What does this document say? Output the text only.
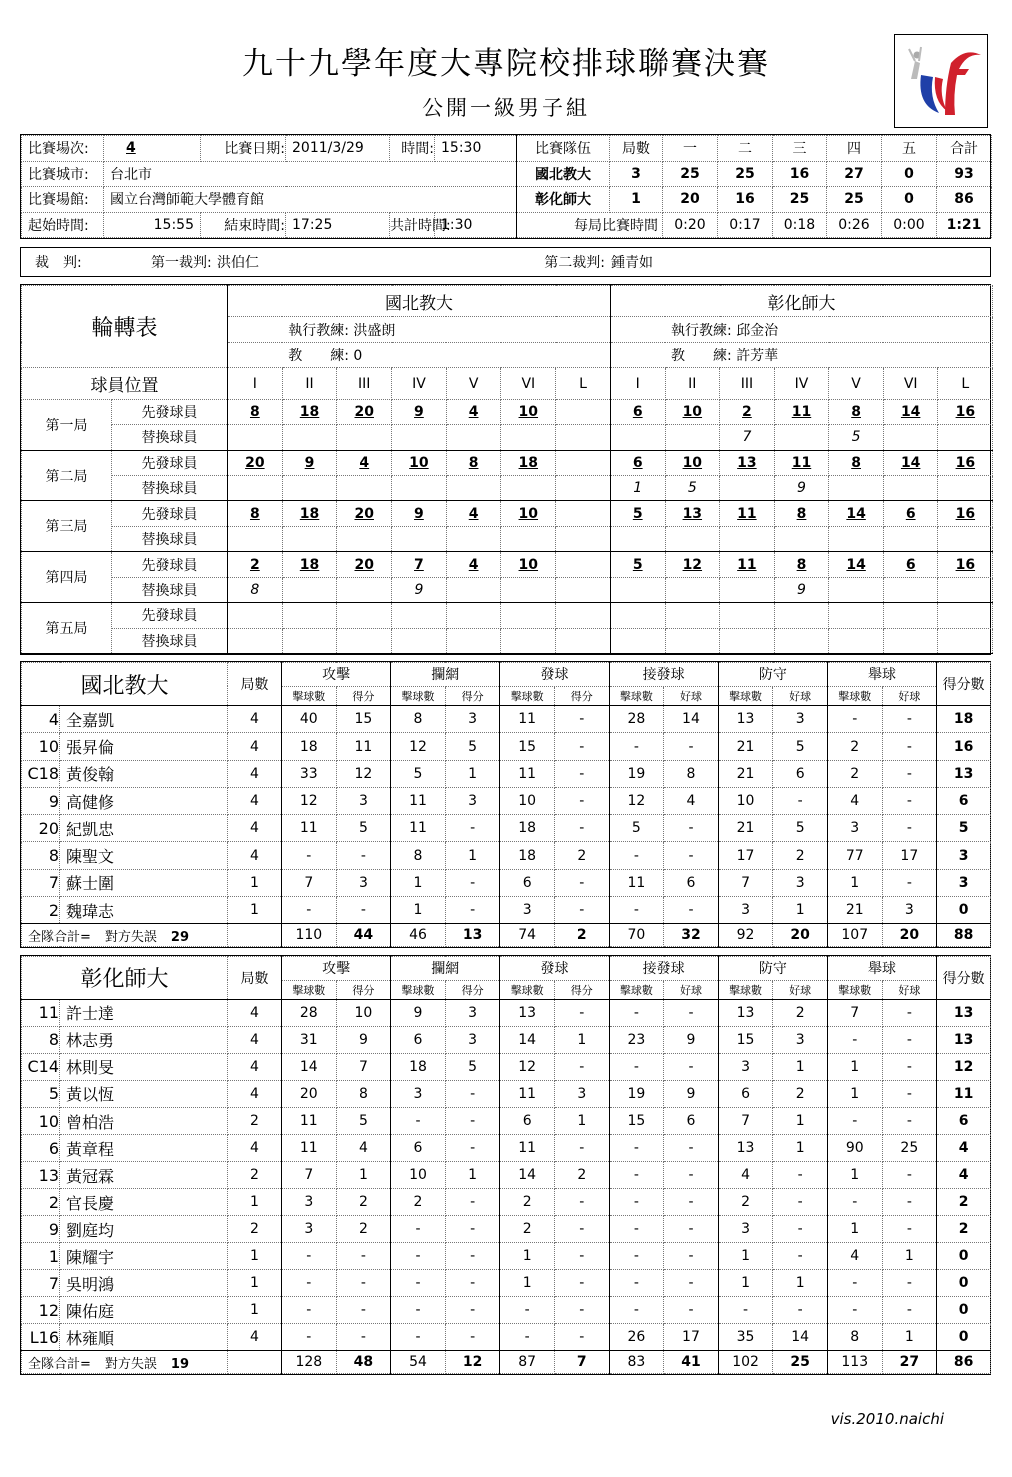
九十九學年度大專院校排球聯賽決賽
公開一級男子組
比賽場次:	4	比賽日期:	2011/3/29	時間:	15:30	比賽隊伍	局數	一	二	三	四	五	合計
比賽城市:	台北市					國北教大	3	25	25	16	27	0	93
比賽場館:	國立台灣師範大學體育館					彰化師大	1	20	16	25	25	0	86
起始時間:	15:55	結束時間:	17:25	共計時間:	1:30	每局比賽時間		0:20	0:17	0:18	0:26	0:00	1:21
裁　判:	第一裁判:	洪伯仁	第二裁判:	鍾青如
輪轉表		國北教大							彰化師大						
			執行教練: 洪盛朗							執行教練: 邱金治					
			教　　練: 0							教　　練: 許芳華					
球員位置		I	II	III	IV	V	VI	L	I	II	III	IV	V	VI	L
第一局	先發球員	8	18	20	9	4	10		6	10	2	11	8	14	16
	替換球員										7		5		
第二局	先發球員	20	9	4	10	8	18		6	10	13	11	8	14	16
	替換球員								1	5		9			
第三局	先發球員	8	18	20	9	4	10		5	13	11	8	14	6	16
	替換球員														
第四局	先發球員	2	18	20	7	4	10		5	12	11	8	14	6	16
	替換球員	8			9							9			
第五局	先發球員														
	替換球員														
國北教大		局數	攻擊		攔網		發球		接發球		防守		舉球		得分數
			擊球數	得分	擊球數	得分	擊球數	得分	擊球數	好球	擊球數	好球	擊球數	好球	
4	全嘉凱	4	40	15	8	3	11	-	28	14	13	3	-	-	18
10	張昇倫	4	18	11	12	5	15	-	-	-	21	5	2	-	16
C18	黃俊翰	4	33	12	5	1	11	-	19	8	21	6	2	-	13
9	高健修	4	12	3	11	3	10	-	12	4	10	-	4	-	6
20	紀凱忠	4	11	5	11	-	18	-	5	-	21	5	3	-	5
8	陳聖文	4	-	-	8	1	18	2	-	-	17	2	77	17	3
7	蘇士圍	1	7	3	1	-	6	-	11	6	7	3	1	-	3
2	魏瑋志	1	-	-	1	-	3	-	-	-	3	1	21	3	0
全隊合計= 對方失誤 29			110	44	46	13	74	2	70	32	92	20	107	20	88
彰化師大		局數	攻擊		攔網		發球		接發球		防守		舉球		得分數
			擊球數	得分	擊球數	得分	擊球數	得分	擊球數	好球	擊球數	好球	擊球數	好球	
11	許士達	4	28	10	9	3	13	-	-	-	13	2	7	-	13
8	林志勇	4	31	9	6	3	14	1	23	9	15	3	-	-	13
C14	林則旻	4	14	7	18	5	12	-	-	-	3	1	1	-	12
5	黃以恆	4	20	8	3	-	11	3	19	9	6	2	1	-	11
10	曾柏浩	2	11	5	-	-	6	1	15	6	7	1	-	-	6
6	黃章程	4	11	4	6	-	11	-	-	-	13	1	90	25	4
13	黃冠霖	2	7	1	10	1	14	2	-	-	4	-	1	-	4
2	官長慶	1	3	2	2	-	2	-	-	-	2	-	-	-	2
9	劉庭均	2	3	2	-	-	2	-	-	-	3	-	1	-	2
1	陳耀宇	1	-	-	-	-	1	-	-	-	1	-	4	1	0
7	吳明鴻	1	-	-	-	-	1	-	-	-	1	1	-	-	0
12	陳佑庭	1	-	-	-	-	-	-	-	-	-	-	-	-	0
L16	林雍順	4	-	-	-	-	-	-	26	17	35	14	8	1	0
全隊合計= 對方失誤 19			128	48	54	12	87	7	83	41	102	25	113	27	86
vis.2010.naichi
